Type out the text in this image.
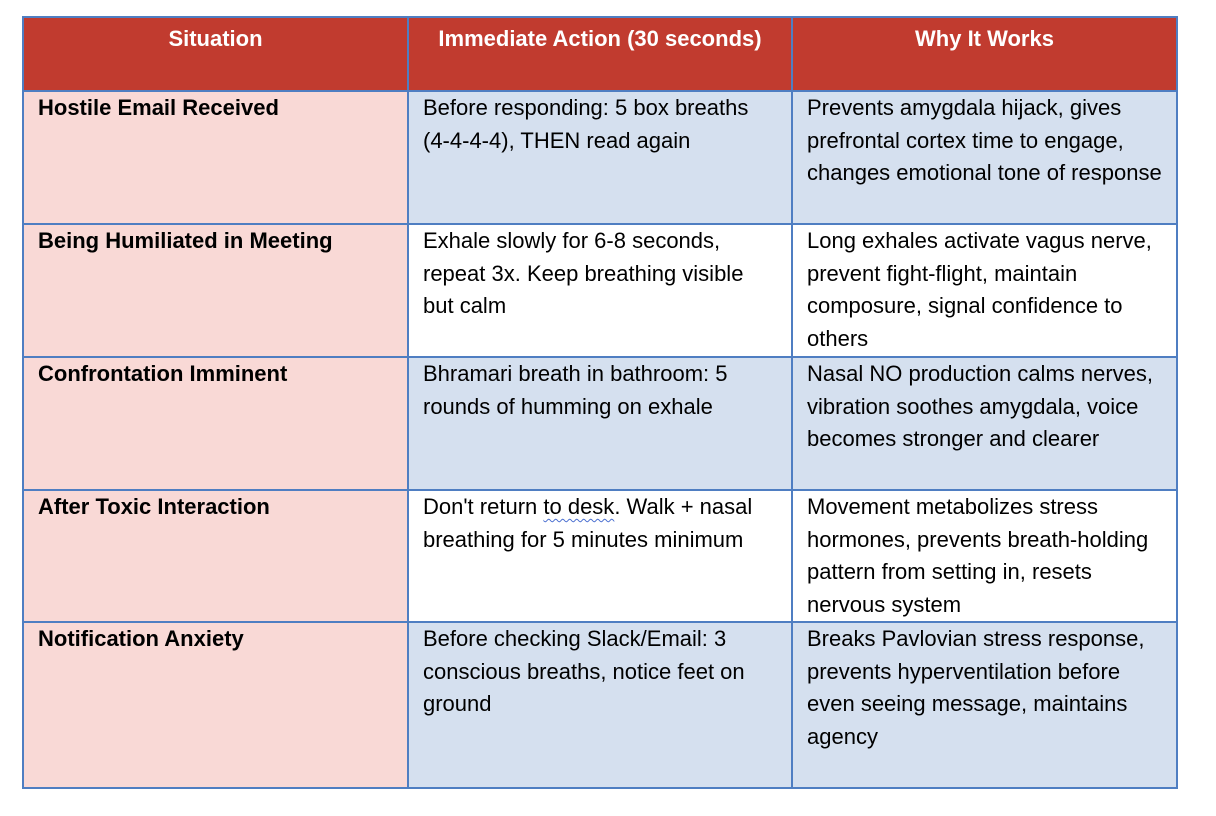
Situation	Immediate Action (30 seconds)	Why It Works
Hostile Email Received	Before responding: 5 box breaths (4-4-4-4), THEN read again	Prevents amygdala hijack, gives prefrontal cortex time to engage, changes emotional tone of response
Being Humiliated in Meeting	Exhale slowly for 6-8 seconds, repeat 3x. Keep breathing visible but calm	Long exhales activate vagus nerve, prevent fight-flight, maintain composure, signal confidence to others
Confrontation Imminent	Bhramari breath in bathroom: 5 rounds of humming on exhale	Nasal NO production calms nerves, vibration soothes amygdala, voice becomes stronger and clearer
After Toxic Interaction	Don't return to desk. Walk + nasal breathing for 5 minutes minimum	Movement metabolizes stress hormones, prevents breath-holding pattern from setting in, resets nervous system
Notification Anxiety	Before checking Slack/Email: 3 conscious breaths, notice feet on ground	Breaks Pavlovian stress response, prevents hyperventilation before even seeing message, maintains agency
